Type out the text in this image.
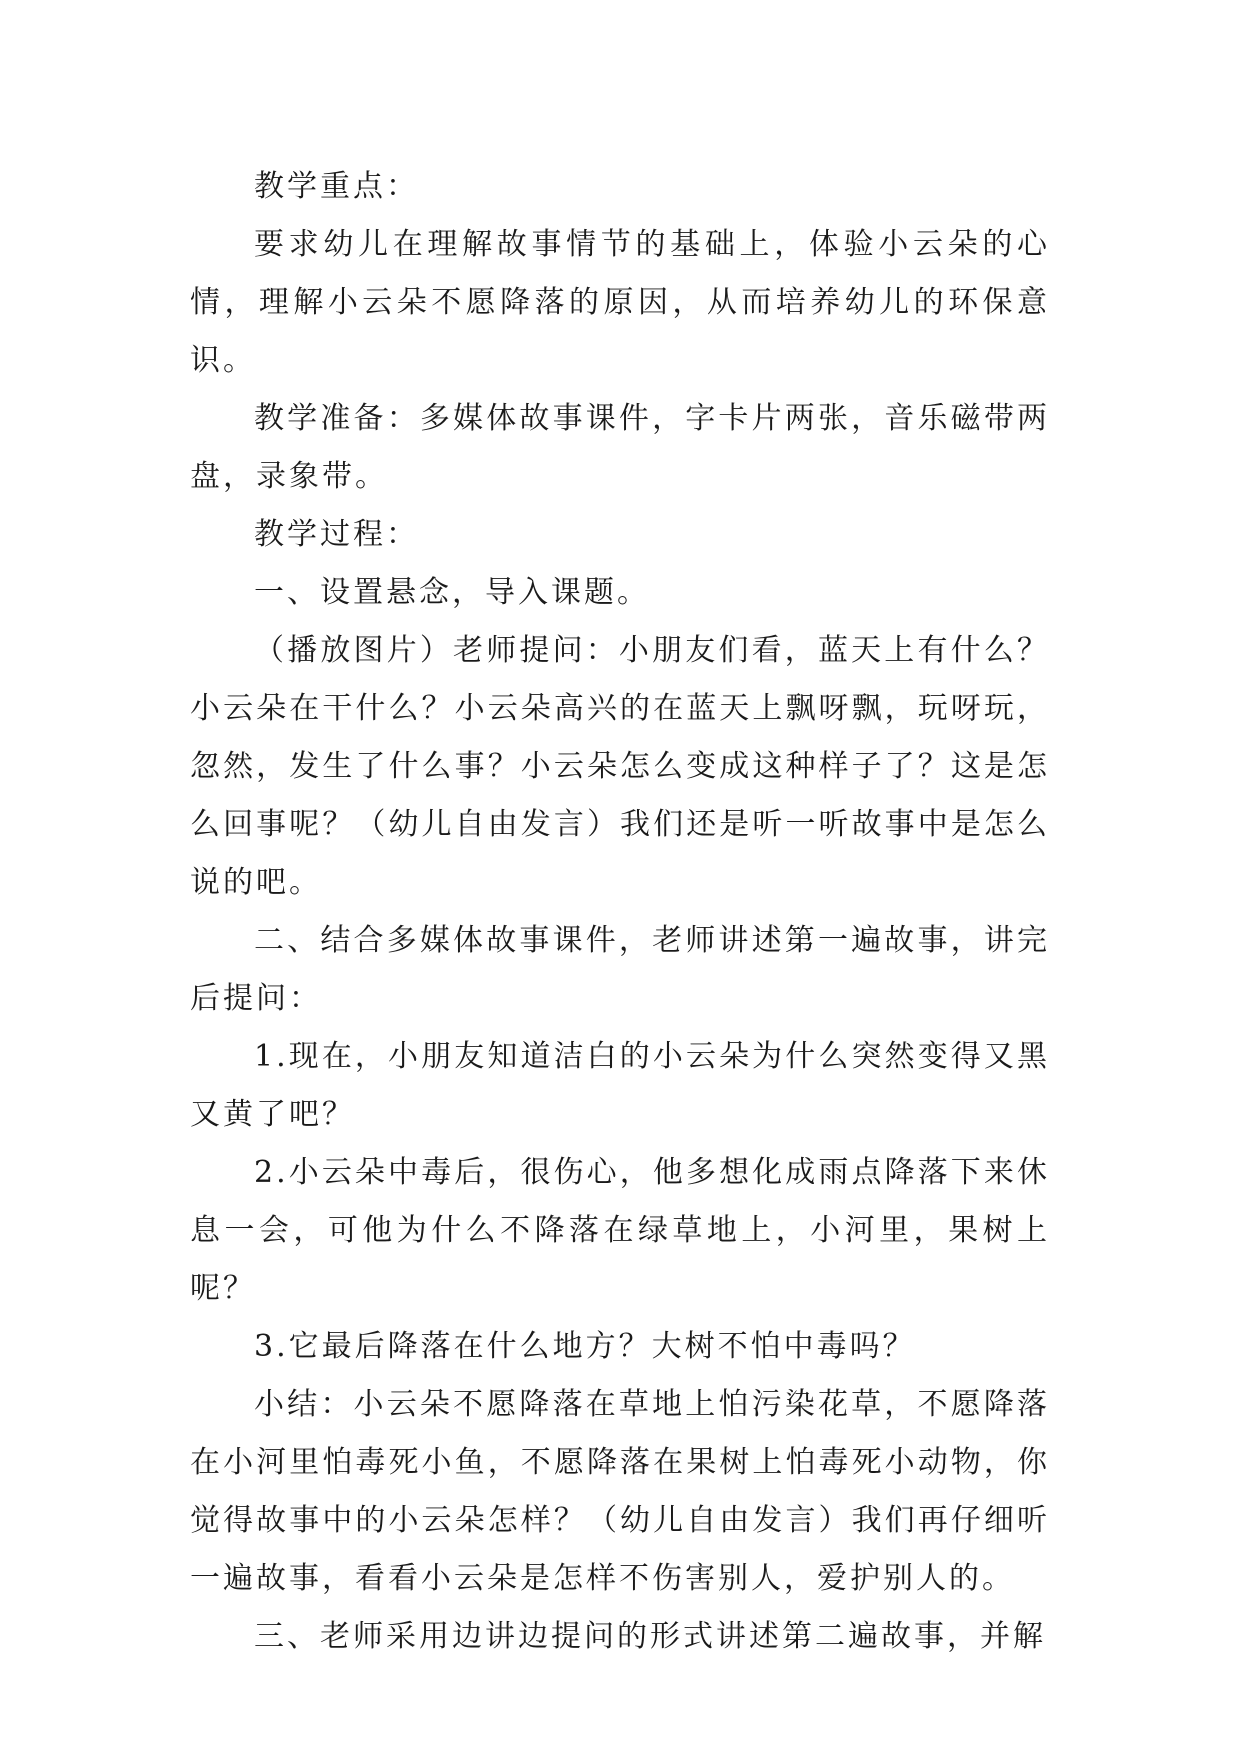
教学重点：

要求幼儿在理解故事情节的基础上，体验小云朵的心情，理解小云朵不愿降落的原因，从而培养幼儿的环保意识。

教学准备：多媒体故事课件，字卡片两张，音乐磁带两盘，录象带。

教学过程：

一、设置悬念，导入课题。

（播放图片）老师提问：小朋友们看，蓝天上有什么？小云朵在干什么？小云朵高兴的在蓝天上飘呀飘，玩呀玩，忽然，发生了什么事？小云朵怎么变成这种样子了？这是怎么回事呢？（幼儿自由发言）我们还是听一听故事中是怎么说的吧。

二、结合多媒体故事课件，老师讲述第一遍故事，讲完后提问：

1.现在，小朋友知道洁白的小云朵为什么突然变得又黑又黄了吧？

2.小云朵中毒后，很伤心，他多想化成雨点降落下来休息一会，可他为什么不降落在绿草地上，小河里，果树上呢？

3.它最后降落在什么地方？大树不怕中毒吗？

小结：小云朵不愿降落在草地上怕污染花草，不愿降落在小河里怕毒死小鱼，不愿降落在果树上怕毒死小动物，你觉得故事中的小云朵怎样？（幼儿自由发言）我们再仔细听一遍故事，看看小云朵是怎样不伤害别人，爱护别人的。

三、老师采用边讲边提问的形式讲述第二遍故事，并解
